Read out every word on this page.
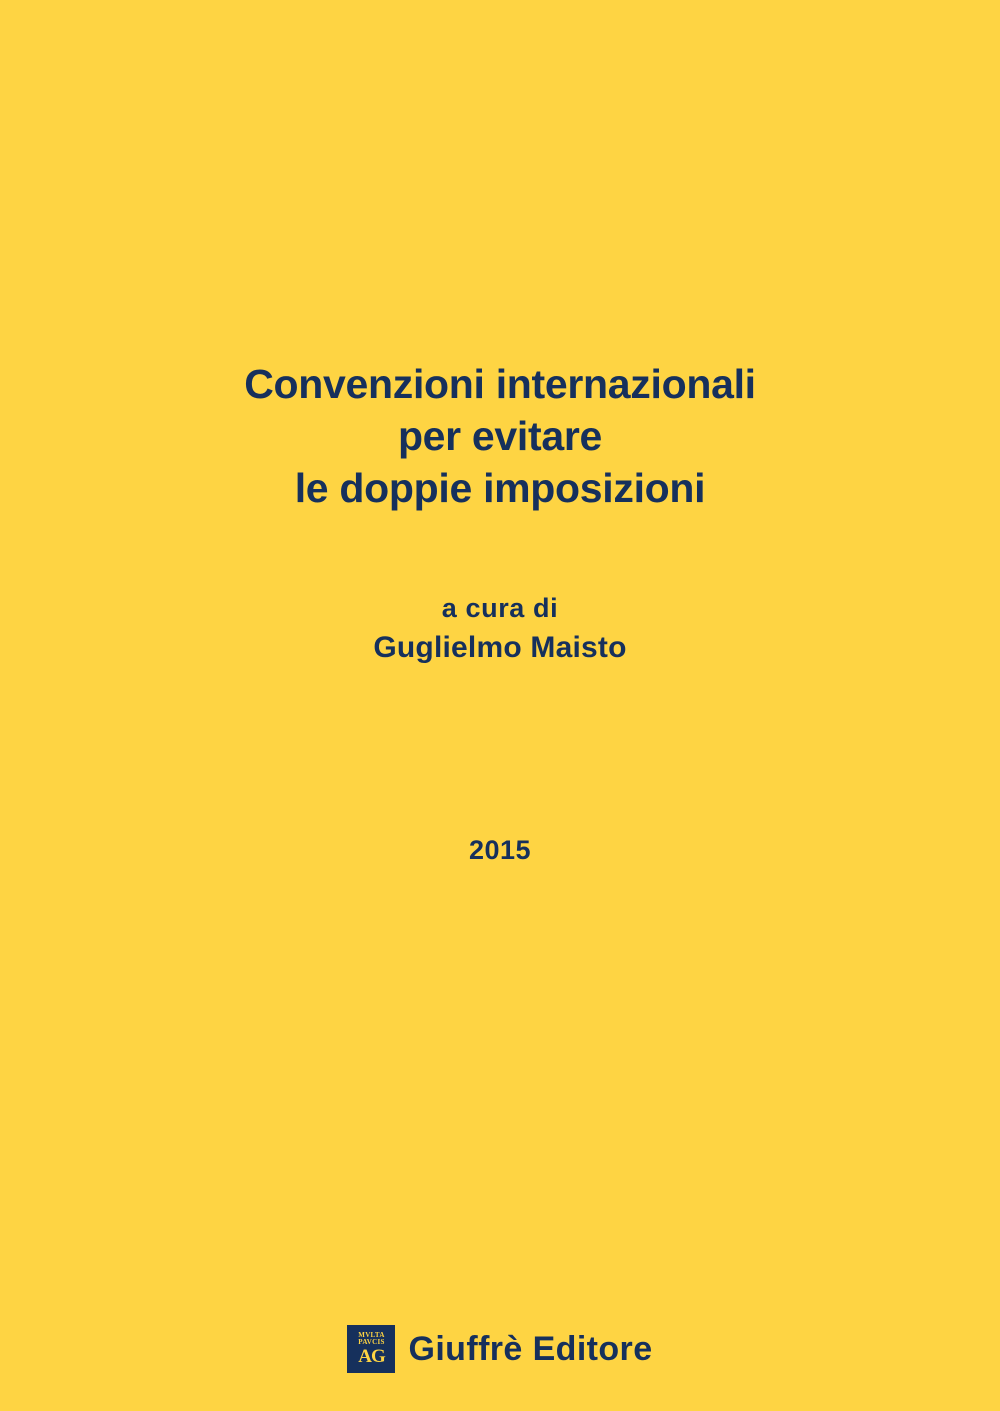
Convenzioni internazionali
per evitare
le doppie imposizioni
a cura di
Guglielmo Maisto
2015
MVLTA
PAVCIS
AG Giuffrè Editore
